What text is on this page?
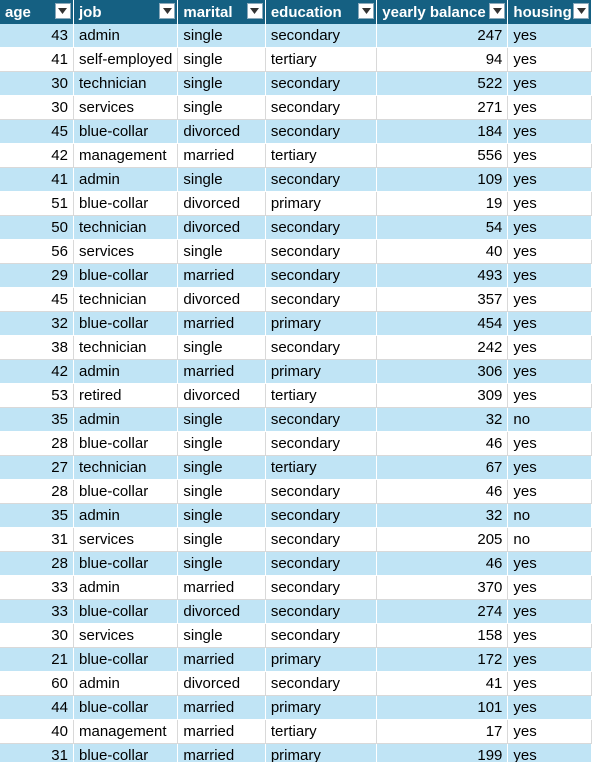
age	job	marital	education	yearly balance	housing

43	admin	single	secondary	247	yes
41	self-employed	single	tertiary	94	yes
30	technician	single	secondary	522	yes
30	services	single	secondary	271	yes
45	blue-collar	divorced	secondary	184	yes
42	management	married	tertiary	556	yes
41	admin	single	secondary	109	yes
51	blue-collar	divorced	primary	19	yes
50	technician	divorced	secondary	54	yes
56	services	single	secondary	40	yes
29	blue-collar	married	secondary	493	yes
45	technician	divorced	secondary	357	yes
32	blue-collar	married	primary	454	yes
38	technician	single	secondary	242	yes
42	admin	married	primary	306	yes
53	retired	divorced	tertiary	309	yes
35	admin	single	secondary	32	no
28	blue-collar	single	secondary	46	yes
27	technician	single	tertiary	67	yes
28	blue-collar	single	secondary	46	yes
35	admin	single	secondary	32	no
31	services	single	secondary	205	no
28	blue-collar	single	secondary	46	yes
33	admin	married	secondary	370	yes
33	blue-collar	divorced	secondary	274	yes
30	services	single	secondary	158	yes
21	blue-collar	married	primary	172	yes
60	admin	divorced	secondary	41	yes
44	blue-collar	married	primary	101	yes
40	management	married	tertiary	17	yes
31	blue-collar	married	primary	199	yes
